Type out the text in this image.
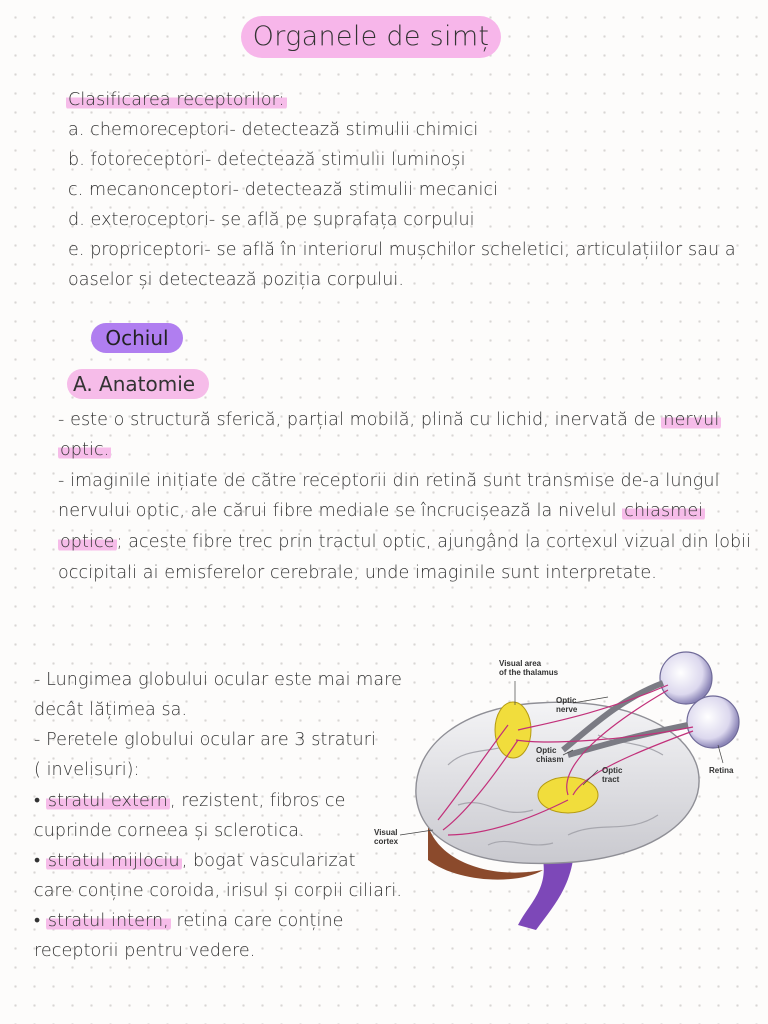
Organele de simț
Clasificarea receptorilor:
a. chemoreceptori- detectează stimulii chimici
b. fotoreceptori- detectează stimulii luminoși
c. mecanonceptori- detectează stimulii mecanici
d. exteroceptori- se află pe suprafața corpului
e. propriceptori- se află în interiorul mușchilor scheletici, articulațiilor sau a
oaselor și detectează poziția corpului.
Ochiul
A. Anatomie
- este o structură sferică, parțial mobilă, plină cu lichid, inervată de nervul
optic.
- imaginile inițiate de către receptorii din retină sunt transmise de-a lungul
nervului optic, ale cărui fibre mediale se încrucișează la nivelul chiasmei
optice ; aceste fibre trec prin tractul optic, ajungând la cortexul vizual din lobii
occipitali ai emisferelor cerebrale, unde imaginile sunt interpretate.
- Lungimea globului ocular este mai mare
decât lățimea sa.
- Peretele globului ocular are 3 straturi
( invelisuri):
• stratul extern , rezistent, fibros ce
cuprinde corneea și sclerotica.
• stratul mijlociu , bogat vascularizat
care conține coroida, irisul și corpii ciliari.
• stratul intern, retina care conține
receptorii pentru vedere.
Visual area
of the thalamus
Optic
nerve
Optic
chiasm
Optic
tract
Retina
Visual
cortex
